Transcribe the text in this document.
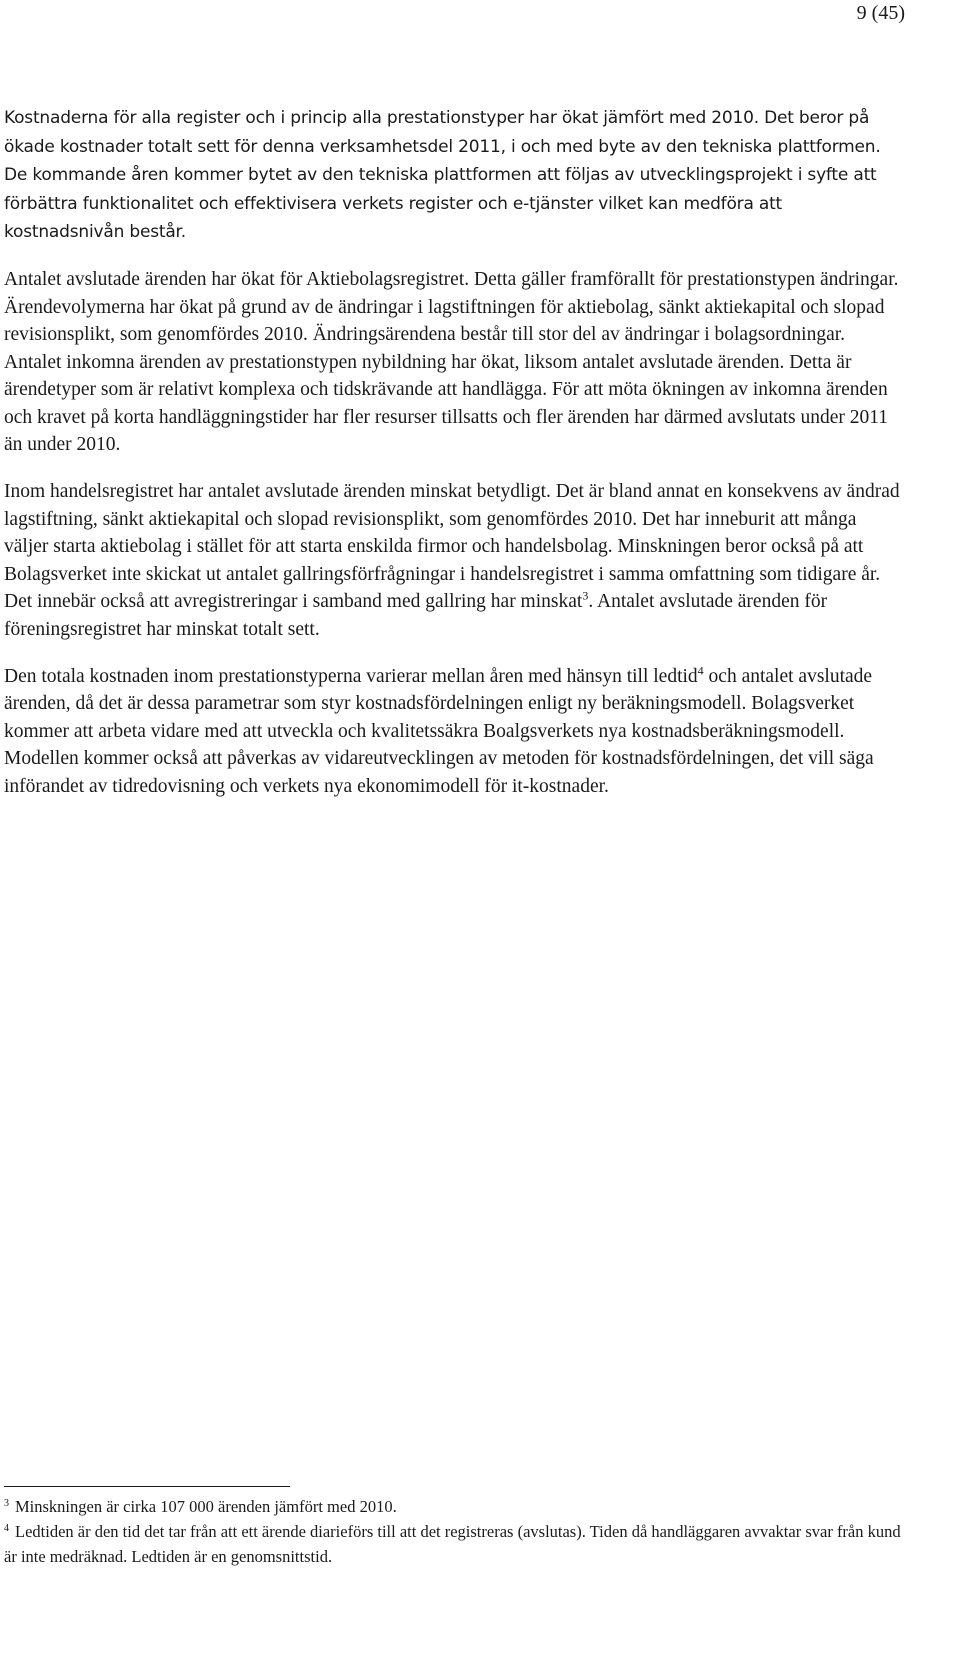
9 (45)

Kostnaderna för alla register och i princip alla prestationstyper har ökat jämfört med 2010. Det beror på ökade kostnader totalt sett för denna verksamhetsdel 2011, i och med byte av den tekniska plattformen. De kommande åren kommer bytet av den tekniska plattformen att följas av utvecklingsprojekt i syfte att förbättra funktionalitet och effektivisera verkets register och e-tjänster vilket kan medföra att kostnadsnivån består.

Antalet avslutade ärenden har ökat för Aktiebolagsregistret. Detta gäller framförallt för prestationstypen ändringar. Ärendevolymerna har ökat på grund av de ändringar i lagstiftningen för aktiebolag, sänkt aktiekapital och slopad revisionsplikt, som genomfördes 2010. Ändringsärendena består till stor del av ändringar i bolagsordningar. Antalet inkomna ärenden av prestationstypen nybildning har ökat, liksom antalet avslutade ärenden. Detta är ärendetyper som är relativt komplexa och tidskrävande att handlägga. För att möta ökningen av inkomna ärenden och kravet på korta handläggningstider har fler resurser tillsatts och fler ärenden har därmed avslutats under 2011 än under 2010.

Inom handelsregistret har antalet avslutade ärenden minskat betydligt. Det är bland annat en konsekvens av ändrad lagstiftning, sänkt aktiekapital och slopad revisionsplikt, som genomfördes 2010. Det har inneburit att många väljer starta aktiebolag i stället för att starta enskilda firmor och handelsbolag. Minskningen beror också på att Bolagsverket inte skickat ut antalet gallringsförfrågningar i handelsregistret i samma omfattning som tidigare år. Det innebär också att avregistreringar i samband med gallring har minskat$^3$. Antalet avslutade ärenden för föreningsregistret har minskat totalt sett.

Den totala kostnaden inom prestationstyperna varierar mellan åren med hänsyn till ledtid$^4$ och antalet avslutade ärenden, då det är dessa parametrar som styr kostnadsfördelningen enligt ny beräkningsmodell. Bolagsverket kommer att arbeta vidare med att utveckla och kvalitetssäkra Boalgsverkets nya kostnadsberäkningsmodell. Modellen kommer också att påverkas av vidareutvecklingen av metoden för kostnadsfördelningen, det vill säga införandet av tidredovisning och verkets nya ekonomimodell för it-kostnader.

$^3$ Minskningen är cirka 107 000 ärenden jämfört med 2010.

$^4$ Ledtiden är den tid det tar från att ett ärende diarieförs till att det registreras (avslutas). Tiden då handläggaren avvaktar svar från kund är inte medräknad. Ledtiden är en genomsnittstid.
